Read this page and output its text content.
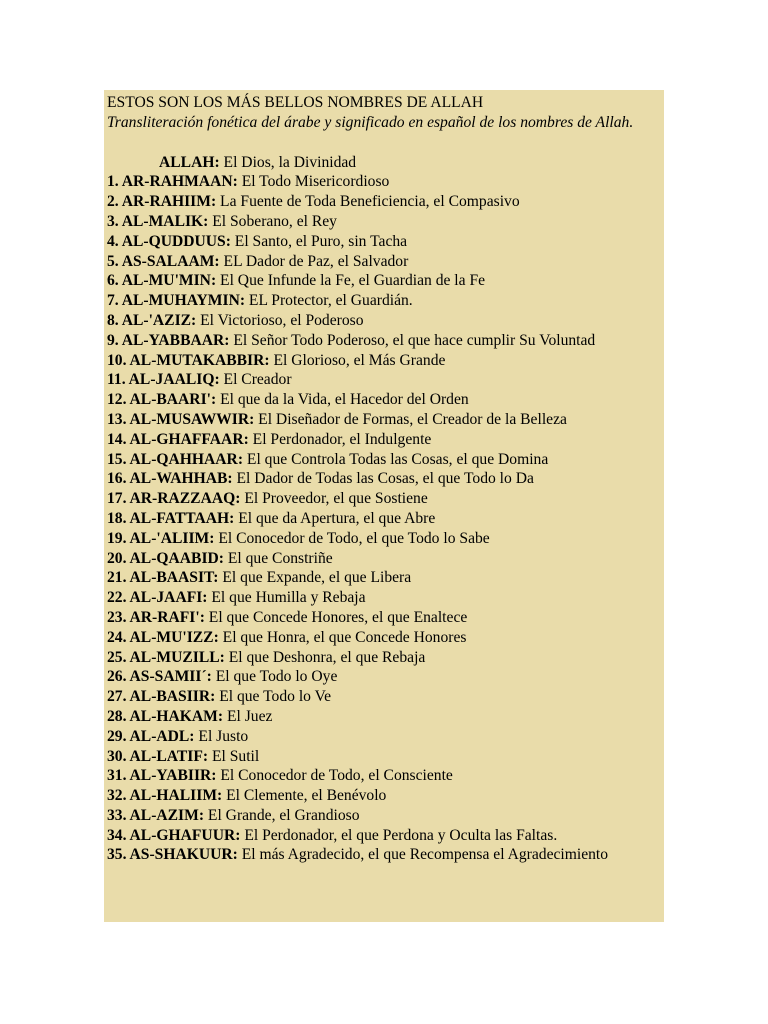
ESTOS SON LOS MÁS BELLOS NOMBRES DE ALLAH
Transliteración fonética del árabe y significado en español de los nombres de Allah.
ALLAH: El Dios, la Divinidad
1. AR-RAHMAAN: El Todo Misericordioso
2. AR-RAHIIM: La Fuente de Toda Beneficiencia, el Compasivo
3. AL-MALIK: El Soberano, el Rey
4. AL-QUDDUUS: El Santo, el Puro, sin Tacha
5. AS-SALAAM: EL Dador de Paz, el Salvador
6. AL-MU'MIN: El Que Infunde la Fe, el Guardian de la Fe
7. AL-MUHAYMIN: EL Protector, el Guardián.
8. AL-'AZIZ: El Victorioso, el Poderoso
9. AL-YABBAAR: El Señor Todo Poderoso, el que hace cumplir Su Voluntad
10. AL-MUTAKABBIR: El Glorioso, el Más Grande
11. AL-JAALIQ: El Creador
12. AL-BAARI': El que da la Vida, el Hacedor del Orden
13. AL-MUSAWWIR: El Diseñador de Formas, el Creador de la Belleza
14. AL-GHAFFAAR: El Perdonador, el Indulgente
15. AL-QAHHAAR: El que Controla Todas las Cosas, el que Domina
16. AL-WAHHAB: El Dador de Todas las Cosas, el que Todo lo Da
17. AR-RAZZAAQ: El Proveedor, el que Sostiene
18. AL-FATTAAH: El que da Apertura, el que Abre
19. AL-'ALIIM: El Conocedor de Todo, el que Todo lo Sabe
20. AL-QAABID: El que Constriñe
21. AL-BAASIT: El que Expande, el que Libera
22. AL-JAAFI: El que Humilla y Rebaja
23. AR-RAFI': El que Concede Honores, el que Enaltece
24. AL-MU'IZZ: El que Honra, el que Concede Honores
25. AL-MUZILL: El que Deshonra, el que Rebaja
26. AS-SAMII´: El que Todo lo Oye
27. AL-BASIIR: El que Todo lo Ve
28. AL-HAKAM: El Juez
29. AL-ADL: El Justo
30. AL-LATIF: El Sutil
31. AL-YABIIR: El Conocedor de Todo, el Consciente
32. AL-HALIIM: El Clemente, el Benévolo
33. AL-AZIM: El Grande, el Grandioso
34. AL-GHAFUUR: El Perdonador, el que Perdona y Oculta las Faltas.
35. AS-SHAKUUR: El más Agradecido, el que Recompensa el Agradecimiento
